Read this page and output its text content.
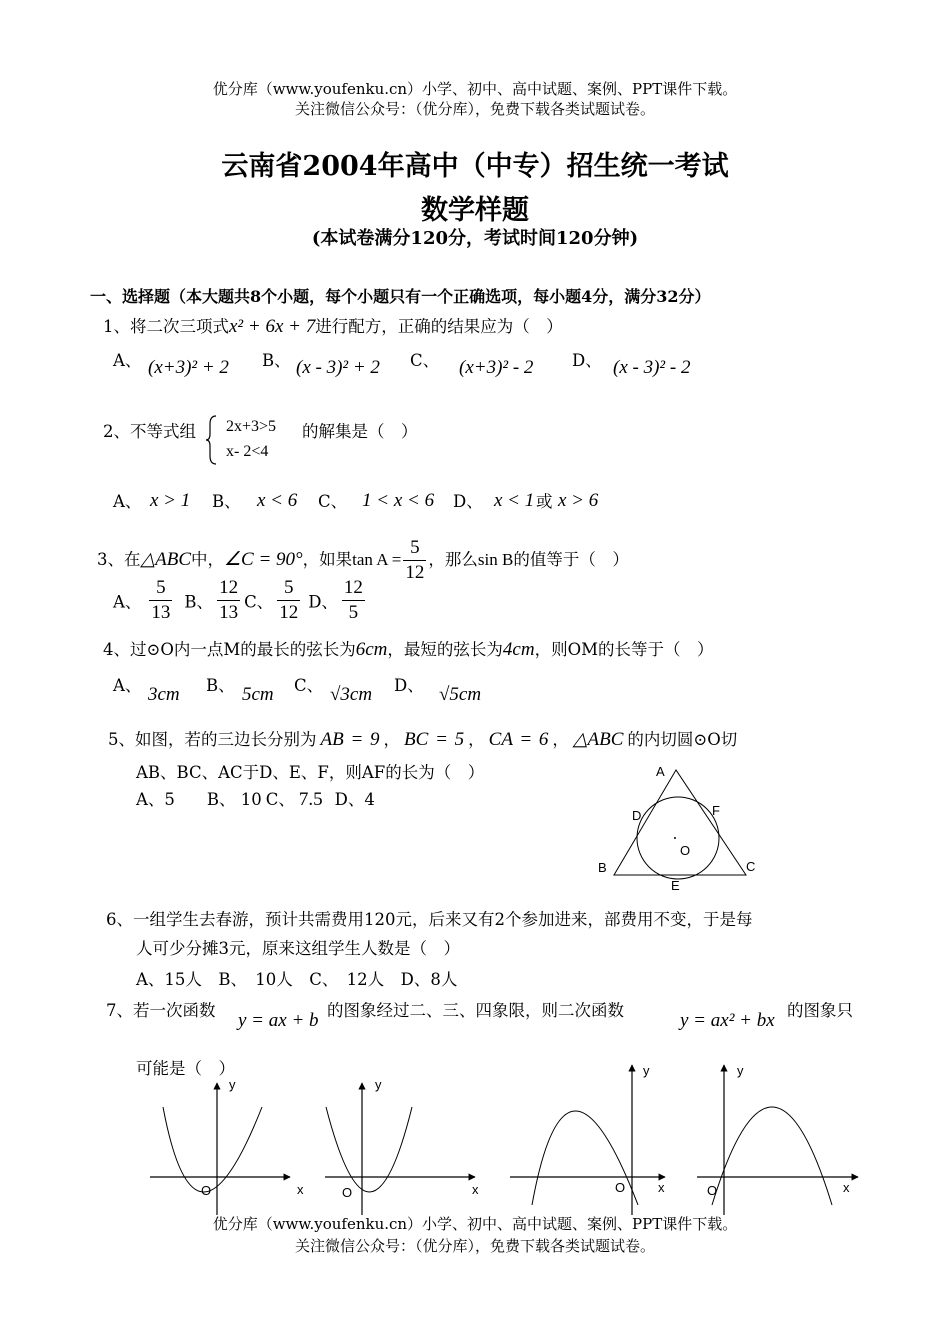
优分库（www.youfenku.cn）小学、初中、高中试题、案例、PPT课件下载。
关注微信公众号：（优分库），免费下载各类试题试卷。
云南省2004年高中（中专）招生统一考试
数学样题
(本试卷满分120分，考试时间120分钟)
一、选择题（本大题共8个小题，每个小题只有一个正确选项，每小题4分，满分32分）
1、将二次三项式x² + 6x + 7进行配方，正确的结果应为（　）
A、 (x+3)² + 2 B、 (x - 3)² + 2 C、 (x+3)² - 2 D、 (x - 3)² - 2
2、不等式组 2x+3>5
x- 2<4
的解集是（　）
A、 x > 1 B、 x < 6 C、 1 < x < 6 D、 x < 1 或 x > 6
3、在△ABC中，∠C = 90°，如果$\tan A = \frac{5}{12}$ ，那么sin B的值等于（　）
A、 $\frac{5}{13}$ B、 $\frac{12}{13}$ C、 $\frac{5}{12}$ D、 $\frac{12}{5}$
4、过⊙O内一点M的最长的弦长为6cm，最短的弦长为4cm，则OM的长等于（　）
A、 3cm B、 5cm C、 √3cm D、 √5cm
5、如图，若的三边长分别为 AB = 9 ， BC = 5 ， CA = 6 ， △ABC 的内切圆⊙O切
AB、BC、AC于D、E、F，则AF的长为（　）
A、5 B、 10 C、 7.5 D、4
A
D	F
O
B	C
E
6、一组学生去春游，预计共需费用120元，后来又有2个参加进来，部费用不变，于是每
人可少分摊3元，原来这组学生人数是（　）
A、15人　B、　10人　C、　12人　D、8人
7、若一次函数 y = ax + b 的图象经过二、三、四象限，则二次函数	y = ax² + bx 的图象只
可能是（　）
y
x
O
y
x
O
y
x
O
y
x
O
优分库（www.youfenku.cn）小学、初中、高中试题、案例、PPT课件下载。
关注微信公众号：（优分库），免费下载各类试题试卷。
